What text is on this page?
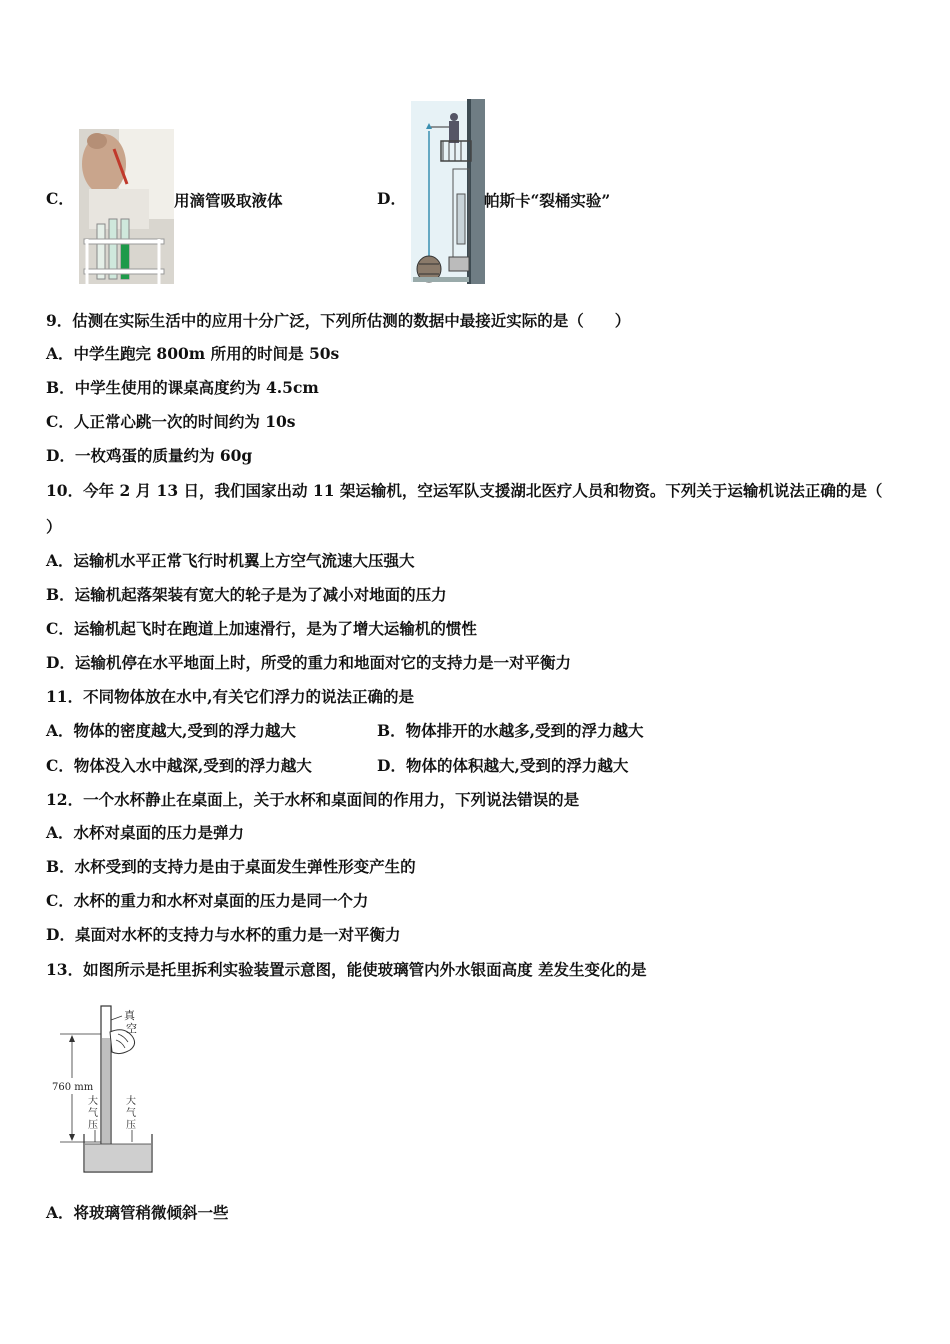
C．	用滴管吸取液体	D．	帕斯卡“裂桶实验”
9．估测在实际生活中的应用十分广泛，下列所估测的数据中最接近实际的是（　　）
A．中学生跑完 800m 所用的时间是 50s
B．中学生使用的课桌高度约为 4.5cm
C．人正常心跳一次的时间约为 10s
D．一枚鸡蛋的质量约为 60g
10．今年 2 月 13 日，我们国家出动 11 架运输机，空运军队支援湖北医疗人员和物资。下列关于运输机说法正确的是（
）
A．运输机水平正常飞行时机翼上方空气流速大压强大
B．运输机起落架装有宽大的轮子是为了减小对地面的压力
C．运输机起飞时在跑道上加速滑行，是为了增大运输机的惯性
D．运输机停在水平地面上时，所受的重力和地面对它的支持力是一对平衡力
11．不同物体放在水中,有关它们浮力的说法正确的是
A．物体的密度越大,受到的浮力越大	B．物体排开的水越多,受到的浮力越大
C．物体没入水中越深,受到的浮力越大	D．物体的体积越大,受到的浮力越大
12．一个水杯静止在桌面上，关于水杯和桌面间的作用力，下列说法错误的是
A．水杯对桌面的压力是弹力
B．水杯受到的支持力是由于桌面发生弹性形变产生的
C．水杯的重力和水杯对桌面的压力是同一个力
D．桌面对水杯的支持力与水杯的重力是一对平衡力
13．如图所示是托里拆利实验装置示意图，能使玻璃管内外水银面高度 差发生变化的是
真
空
760 mm
大
气
压
大
气
压
A．将玻璃管稍微倾斜一些
